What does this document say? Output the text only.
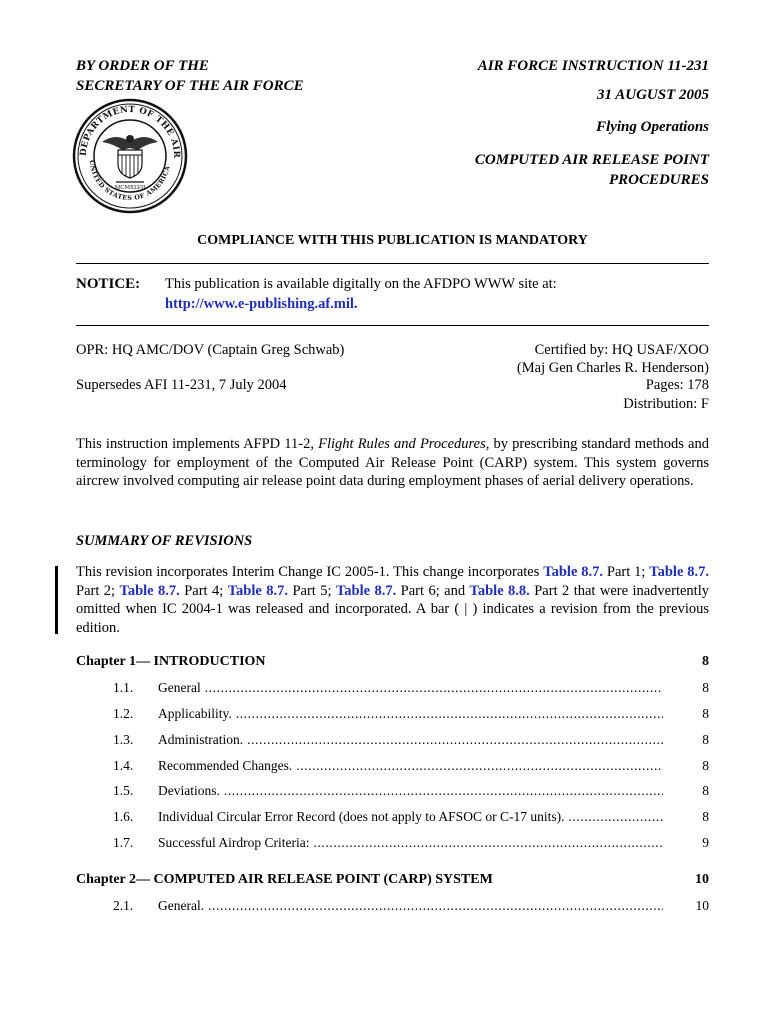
BY ORDER OF THE
SECRETARY OF THE AIR FORCE
AIR FORCE INSTRUCTION 11-231
31 AUGUST 2005
Flying Operations
COMPUTED AIR RELEASE POINT
PROCEDURES
DEPARTMENT OF THE AIR
UNITED STATES OF AMERICA
MCMXLVII
COMPLIANCE WITH THIS PUBLICATION IS MANDATORY
NOTICE: This publication is available digitally on the AFDPO WWW site at:
http://www.e-publishing.af.mil.
OPR: HQ AMC/DOV (Captain Greg Schwab)
Supersedes AFI 11-231, 7 July 2004
Certified by: HQ USAF/XOO
(Maj Gen Charles R. Henderson)
Pages: 178
Distribution: F
This instruction implements AFPD 11-2, Flight Rules and Procedures, by prescribing standard methods and terminology for employment of the Computed Air Release Point (CARP) system. This system governs aircrew involved computing air release point data during employment phases of aerial delivery operations.
SUMMARY OF REVISIONS
This revision incorporates Interim Change IC 2005-1. This change incorporates Table 8.7. Part 1; Table 8.7. Part 2; Table 8.7. Part 4; Table 8.7. Part 5; Table 8.7. Part 6; and Table 8.8. Part 2 that were inadvertently omitted when IC 2004-1 was released and incorporated. A bar ( | ) indicates a revision from the previous edition.
Chapter 1— INTRODUCTION	8
1.1. General .....	8
1.2. Applicability. .....	8
1.3. Administration. .....	8
1.4. Recommended Changes. .....	8
1.5. Deviations. .....	8
1.6. Individual Circular Error Record (does not apply to AFSOC or C-17 units). .....	8
1.7. Successful Airdrop Criteria: .....	9
Chapter 2— COMPUTED AIR RELEASE POINT (CARP) SYSTEM	10
2.1. General. .....	10
